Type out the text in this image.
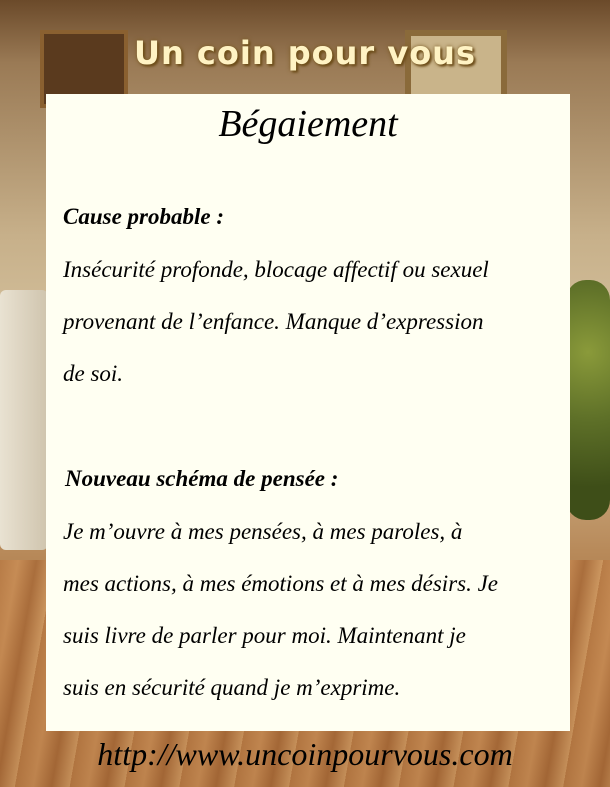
Un coin pour vous
Bégaiement
Cause probable :

Insécurité profonde, blocage affectif ou sexuel

provenant de l’enfance. Manque d’expression

de soi.

Nouveau schéma de pensée :

Je m’ouvre à mes pensées, à mes paroles, à

mes actions, à mes émotions et à mes désirs. Je

suis livre de parler pour moi. Maintenant je

suis en sécurité quand je m’exprime.

http://www.uncoinpourvous.com
